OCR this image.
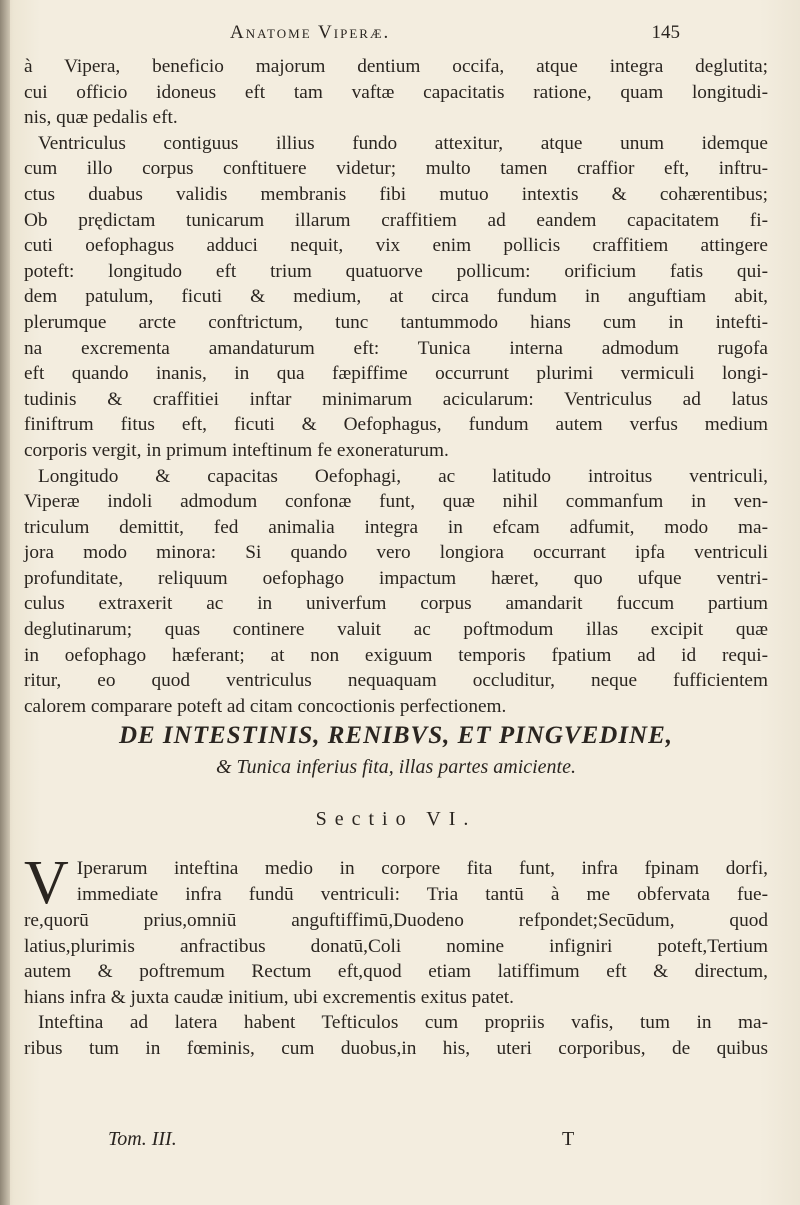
Anatome Viperæ.	145
à Vipera, beneficio majorum dentium occifa, atque integra deglutita;
cui officio idoneus eft tam vaftæ capacitatis ratione, quam longitudi-
nis, quæ pedalis eft.
Ventriculus contiguus illius fundo attexitur, atque unum idemque
cum illo corpus conftituere videtur; multo tamen craffior eft, inftru-
ctus duabus validis membranis fibi mutuo intextis & cohærentibus;
Ob prędictam tunicarum illarum craffitiem ad eandem capacitatem fi-
cuti oefophagus adduci nequit, vix enim pollicis craffitiem attingere
poteft: longitudo eft trium quatuorve pollicum: orificium fatis qui-
dem patulum, ficuti & medium, at circa fundum in anguftiam abit,
plerumque arcte conftrictum, tunc tantummodo hians cum in intefti-
na excrementa amandaturum eft: Tunica interna admodum rugofa
eft quando inanis, in qua fæpiffime occurrunt plurimi vermiculi longi-
tudinis & craffitiei inftar minimarum acicularum: Ventriculus ad latus
finiftrum fitus eft, ficuti & Oefophagus, fundum autem verfus medium
corporis vergit, in primum inteftinum fe exoneraturum.
Longitudo & capacitas Oefophagi, ac latitudo introitus ventriculi,
Viperæ indoli admodum confonæ funt, quæ nihil commanfum in ven-
triculum demittit, fed animalia integra in efcam adfumit, modo ma-
jora modo minora: Si quando vero longiora occurrant ipfa ventriculi
profunditate, reliquum oefophago impactum hæret, quo ufque ventri-
culus extraxerit ac in univerfum corpus amandarit fuccum partium
deglutinarum; quas continere valuit ac poftmodum illas excipit quæ
in oefophago hæferant; at non exiguum temporis fpatium ad id requi-
ritur, eo quod ventriculus nequaquam occluditur, neque fufficientem
calorem comparare poteft ad citam concoctionis perfectionem.
DE INTESTINIS, RENIBVS, ET PINGVEDINE,
& Tunica inferius fita, illas partes amiciente.
Sectio VI.
V Iperarum inteftina medio in corpore fita funt, infra fpinam dorfi,
immediate infra fundū ventriculi: Tria tantū à me obfervata fue-
re,quorū prius,omniū anguftiffimū,Duodeno refpondet;Secūdum, quod
latius,plurimis anfractibus donatū,Coli nomine infigniri poteft,Tertium
autem & poftremum Rectum eft,quod etiam latiffimum eft & directum,
hians infra & juxta caudæ initium, ubi excrementis exitus patet.
Inteftina ad latera habent Tefticulos cum propriis vafis, tum in ma-
ribus tum in fœminis, cum duobus,in his, uteri corporibus, de quibus
Tom. III.	T
